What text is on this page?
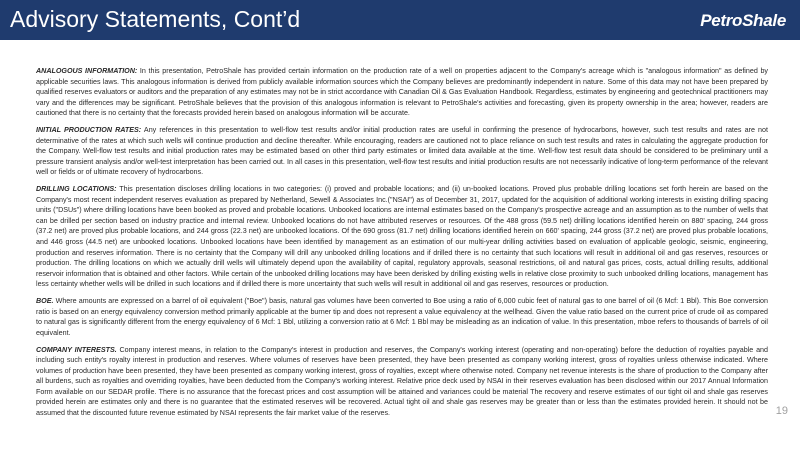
Advisory Statements, Cont’d	PetroShale

ANALOGOUS INFORMATION: In this presentation, PetroShale has provided certain information on the production rate of a well on properties adjacent to the Company's acreage which is "analogous information" as defined by applicable securities laws. This analogous information is derived from publicly available information sources which the Company believes are predominantly independent in nature. Some of this data may not have been prepared by qualified reserves evaluators or auditors and the preparation of any estimates may not be in strict accordance with Canadian Oil & Gas Evaluation Handbook. Regardless, estimates by engineering and geotechnical practitioners may vary and the differences may be significant. PetroShale believes that the provision of this analogous information is relevant to PetroShale's activities and forecasting, given its property ownership in the area; however, readers are cautioned that there is no certainty that the forecasts provided herein based on analogous information will be accurate.

INITIAL PRODUCTION RATES: Any references in this presentation to well-flow test results and/or initial production rates are useful in confirming the presence of hydrocarbons, however, such test results and rates are not determinative of the rates at which such wells will continue production and decline thereafter. While encouraging, readers are cautioned not to place reliance on such test results and rates in calculating the aggregate production for the Company. Well-flow test results and initial production rates may be estimated based on other third party estimates or limited data available at the time. Well-flow test result data should be considered to be preliminary until a pressure transient analysis and/or well-test interpretation has been carried out. In all cases in this presentation, well-flow test results and initial production results are not necessarily indicative of long-term performance of the relevant well or fields or of ultimate recovery of hydrocarbons.

DRILLING LOCATIONS: This presentation discloses drilling locations in two categories: (i) proved and probable locations; and (ii) un-booked locations. Proved plus probable drilling locations set forth herein are based on the Company's most recent independent reserves evaluation as prepared by Netherland, Sewell & Associates Inc.("NSAI") as of December 31, 2017, updated for the acquisition of additional working interests in existing drilling spacing units ("DSUs") where drilling locations have been booked as proved and probable locations. Unbooked locations are internal estimates based on the Company's prospective acreage and an assumption as to the number of wells that can be drilled per section based on industry practice and internal review. Unbooked locations do not have attributed reserves or resources. Of the 488 gross (59.5 net) drilling locations identified herein on 880' spacing, 244 gross (37.2 net) are proved plus probable locations, and 244 gross (22.3 net) are unbooked locations. Of the 690 gross (81.7 net) drilling locations identified herein on 660' spacing, 244 gross (37.2 net) are proved plus probable locations, and 446 gross (44.5 net) are unbooked locations. Unbooked locations have been identified by management as an estimation of our multi-year drilling activities based on evaluation of applicable geologic, seismic, engineering, production and reserves information. There is no certainty that the Company will drill any unbooked drilling locations and if drilled there is no certainty that such locations will result in additional oil and gas reserves, resources or production. The drilling locations on which we actually drill wells will ultimately depend upon the availability of capital, regulatory approvals, seasonal restrictions, oil and natural gas prices, costs, actual drilling results, additional reservoir information that is obtained and other factors. While certain of the unbooked drilling locations may have been derisked by drilling existing wells in relative close proximity to such unbooked drilling locations, management has less certainty whether wells will be drilled in such locations and if drilled there is more uncertainty that such wells will result in additional oil and gas reserves, resources or production.

BOE. Where amounts are expressed on a barrel of oil equivalent ("Boe") basis, natural gas volumes have been converted to Boe using a ratio of 6,000 cubic feet of natural gas to one barrel of oil (6 Mcf: 1 Bbl). This Boe conversion ratio is based on an energy equivalency conversion method primarily applicable at the burner tip and does not represent a value equivalency at the wellhead. Given the value ratio based on the current price of crude oil as compared to natural gas is significantly different from the energy equivalency of 6 Mcf: 1 Bbl, utilizing a conversion ratio at 6 Mcf: 1 Bbl may be misleading as an indication of value. In this presentation, mboe refers to thousands of barrels of oil equivalent.

COMPANY INTERESTS. Company interest means, in relation to the Company's interest in production and reserves, the Company's working interest (operating and non-operating) before the deduction of royalties payable and including such entity's royalty interest in production and reserves. Where volumes of reserves have been presented, they have been presented as company working interest, gross of royalties unless otherwise indicated. Where volumes of production have been presented, they have been presented as company working interest, gross of royalties, except where otherwise noted. Company net revenue interests is the share of production to the Company after all burdens, such as royalties and overriding royalties, have been deducted from the Company's working interest. Relative price deck used by NSAI in their reserves evaluation has been disclosed within our 2017 Annual Information Form available on our SEDAR profile. There is no assurance that the forecast prices and cost assumption will be attained and variances could be material The recovery and reserve estimates of our tight oil and shale gas reserves provided herein are estimates only and there is no guarantee that the estimated reserves will be recovered. Actual tight oil and shale gas reserves may be greater than or less than the estimates provided herein. It should not be assumed that the discounted future revenue estimated by NSAI represents the fair market value of the reserves.	19
